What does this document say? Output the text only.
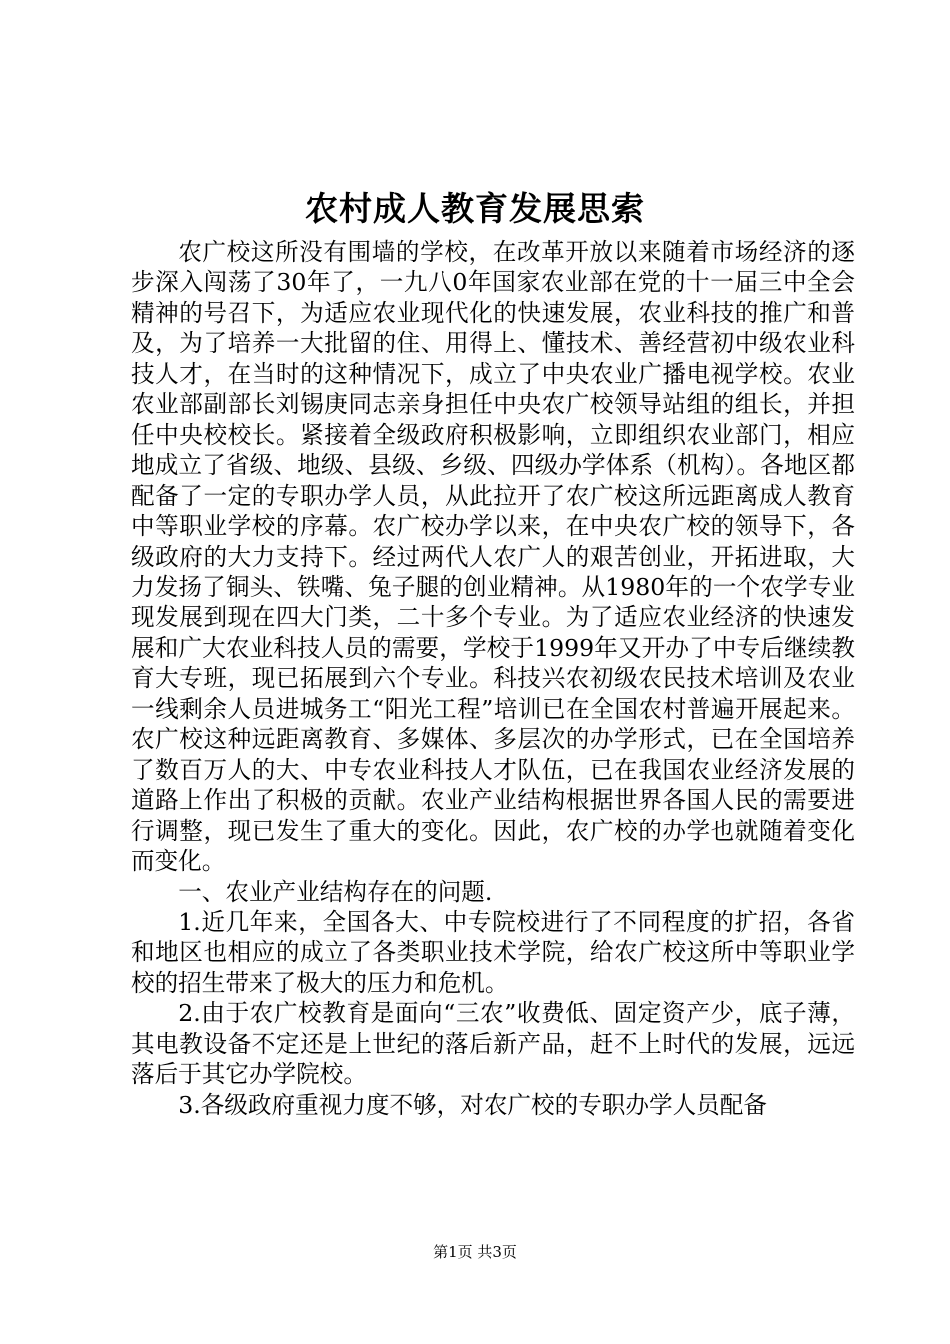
农村成人教育发展思索

农广校这所没有围墙的学校，在改革开放以来随着市场经济的逐步深入闯荡了30年了，一九八0年国家农业部在党的十一届三中全会精神的号召下，为适应农业现代化的快速发展，农业科技的推广和普及，为了培养一大批留的住、用得上、懂技术、善经营初中级农业科技人才，在当时的这种情况下，成立了中央农业广播电视学校。农业农业部副部长刘锡庚同志亲身担任中央农广校领导站组的组长，并担任中央校校长。紧接着全级政府积极影响，立即组织农业部门，相应地成立了省级、地级、县级、乡级、四级办学体系（机构）。各地区都配备了一定的专职办学人员，从此拉开了农广校这所远距离成人教育中等职业学校的序幕。农广校办学以来，在中央农广校的领导下，各级政府的大力支持下。经过两代人农广人的艰苦创业，开拓进取，大力发扬了铜头、铁嘴、兔子腿的创业精神。从1980年的一个农学专业现发展到现在四大门类，二十多个专业。为了适应农业经济的快速发展和广大农业科技人员的需要，学校于1999年又开办了中专后继续教育大专班，现已拓展到六个专业。科技兴农初级农民技术培训及农业一线剩余人员进城务工“阳光工程”培训已在全国农村普遍开展起来。农广校这种远距离教育、多媒体、多层次的办学形式，已在全国培养了数百万人的大、中专农业科技人才队伍，已在我国农业经济发展的道路上作出了积极的贡献。农业产业结构根据世界各国人民的需要进行调整，现已发生了重大的变化。因此，农广校的办学也就随着变化而变化。

一、农业产业结构存在的问题.

1.近几年来，全国各大、中专院校进行了不同程度的扩招，各省和地区也相应的成立了各类职业技术学院，给农广校这所中等职业学校的招生带来了极大的压力和危机。

2.由于农广校教育是面向“三农”收费低、固定资产少，底子薄，其电教设备不定还是上世纪的落后新产品，赶不上时代的发展，远远落后于其它办学院校。

3.各级政府重视力度不够，对农广校的专职办学人员配备

第1页 共3页
